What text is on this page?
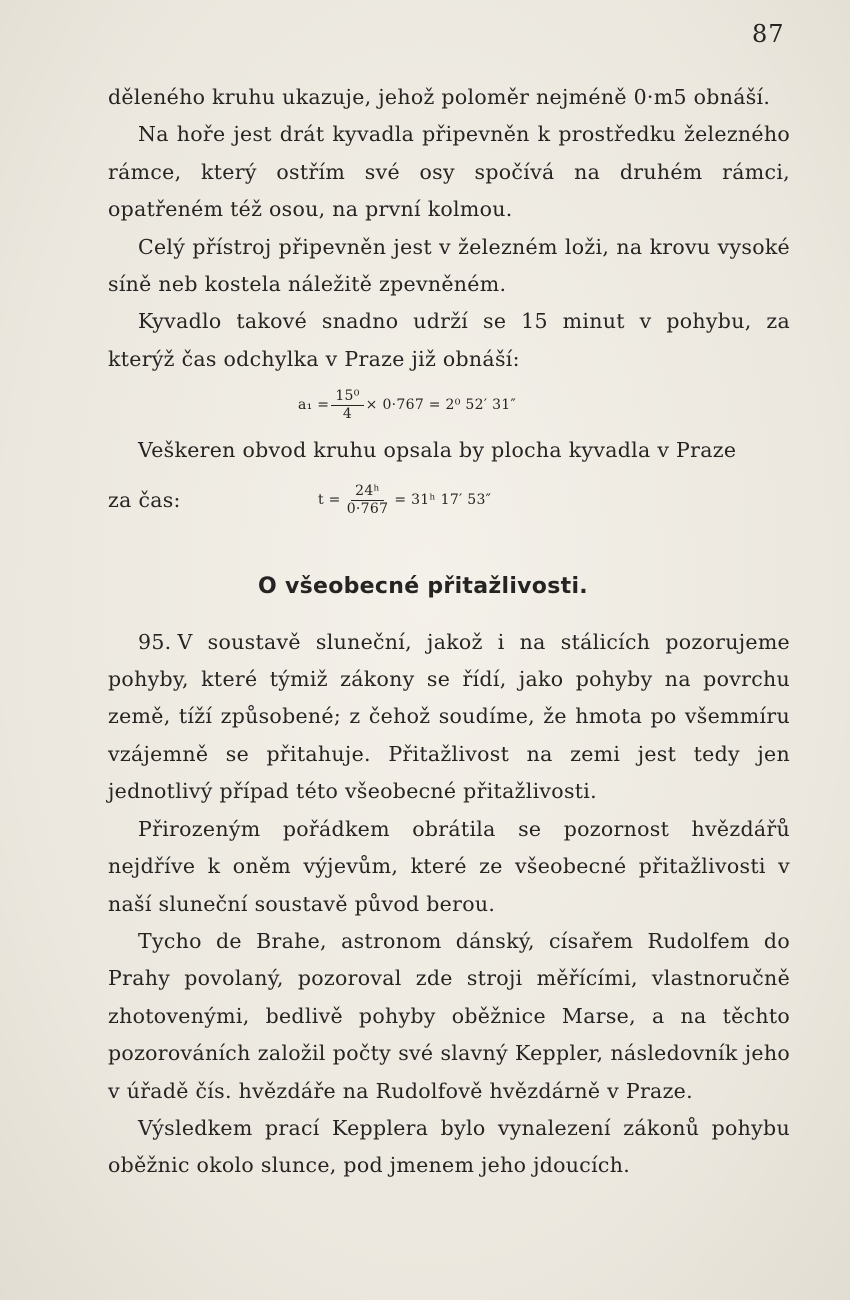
87

děleného kruhu ukazuje, jehož poloměr nejméně 0·m5 obnáší.

Na hoře jest drát kyvadla připevněn k prostředku železného rámce, který ostřím své osy spočívá na druhém rámci, opatřeném též osou, na první kolmou.

Celý přístroj připevněn jest v železném loži, na krovu vysoké síně neb kostela náležitě zpevněném.

Kyvadlo takové snadno udrží se 15 minut v pohybu, za kterýž čas odchylka v Praze již obnáší:

$a_1 = \frac{\text{15⁰}}{4} \times 0\cdot 767 = 2^0$ 52′ 31″

Veškeren obvod kruhu opsala by plocha kyvadla v Praze

za čas:	$t = \frac{\text{24ʰ}}{0\cdot 767}$ = 31ʰ 17′ 53″
O všeobecné přitažlivosti.

95. V soustavě sluneční, jakož i na stálicích pozorujeme pohyby, které týmiž zákony se řídí, jako pohyby na povrchu země, tíží způsobené; z čehož soudíme, že hmota po všemmíru vzájemně se přitahuje. Přitažlivost na zemi jest tedy jen jednotlivý případ této všeobecné přitažlivosti.

Přirozeným pořádkem obrátila se pozornost hvězdářů nejdříve k oněm výjevům, které ze všeobecné přitažlivosti v naší sluneční soustavě původ berou.

Tycho de Brahe, astronom dánský, císařem Rudolfem do Prahy povolaný, pozoroval zde stroji měřícími, vlastnoručně zhotovenými, bedlivě pohyby oběžnice Marse, a na těchto pozorováních založil počty své slavný Keppler, následovník jeho v úřadě čís. hvězdáře na Rudolfově hvězdárně v Praze.

Výsledkem prací Kepplera bylo vynalezení zákonů pohybu oběžnic okolo slunce, pod jmenem jeho jdoucích.
